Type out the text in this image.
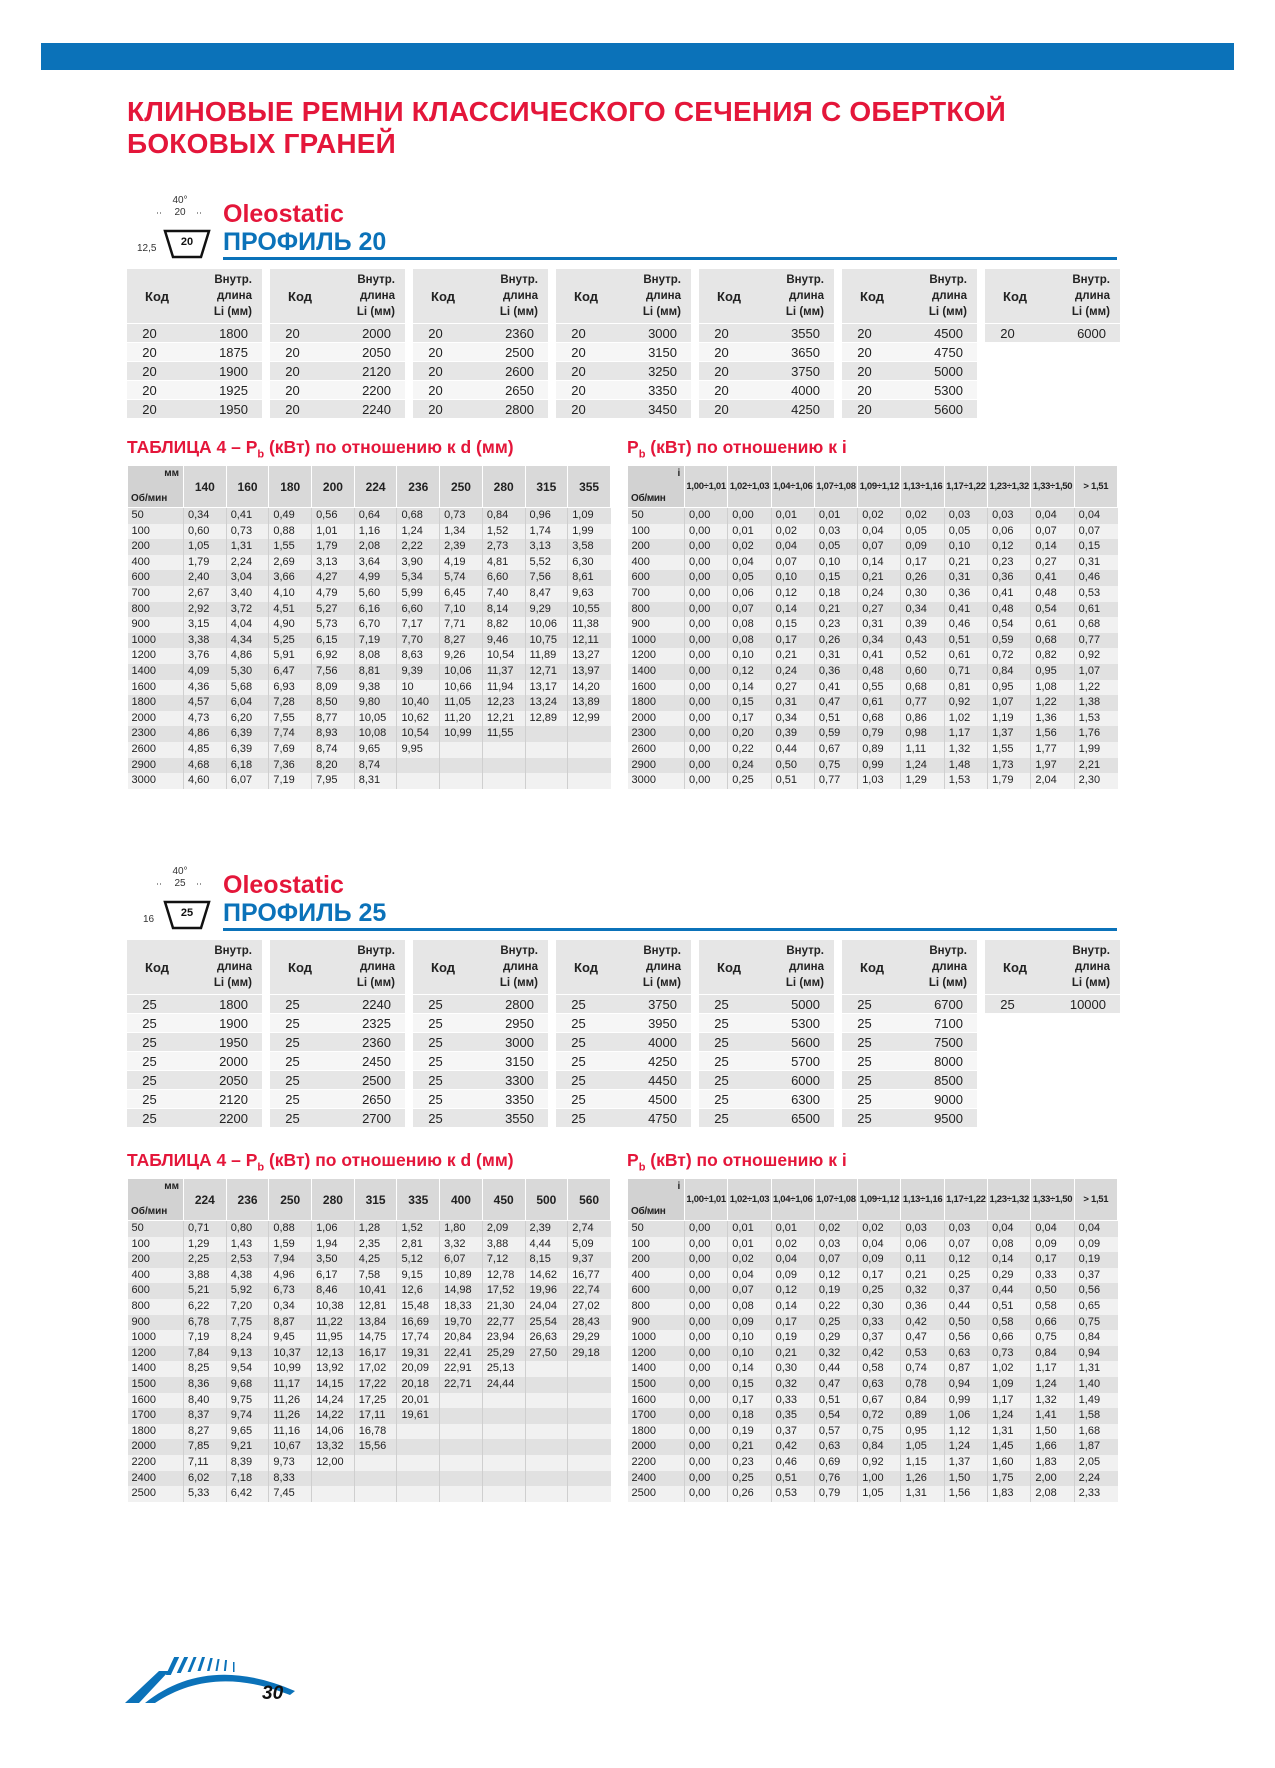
КЛИНОВЫЕ РЕМНИ КЛАССИЧЕСКОГО СЕЧЕНИЯ С ОБЕРТКОЙ
БОКОВЫХ ГРАНЕЙ
40°
20
20
12,5
Oleostatic
ПРОФИЛЬ 20
Код
Внутр.
длина
Li (мм)
20	1800
20	1875
20	1900
20	1925
20	1950
Код
Внутр.
длина
Li (мм)
20	2000
20	2050
20	2120
20	2200
20	2240
Код
Внутр.
длина
Li (мм)
20	2360
20	2500
20	2600
20	2650
20	2800
Код
Внутр.
длина
Li (мм)
20	3000
20	3150
20	3250
20	3350
20	3450
Код
Внутр.
длина
Li (мм)
20	3550
20	3650
20	3750
20	4000
20	4250
Код
Внутр.
длина
Li (мм)
20	4500
20	4750
20	5000
20	5300
20	5600
Код
Внутр.
длина
Li (мм)
20	6000
ТАБЛИЦА $4 - P_b$ (кВт) по отношению к d (мм)	$P_b$ (кВт) по отношению к i
мм
Об/мин	140	160	180	200	224	236	250	280	315	355
50	0,34	0,41	0,49	0,56	0,64	0,68	0,73	0,84	0,96	1,09
100	0,60	0,73	0,88	1,01	1,16	1,24	1,34	1,52	1,74	1,99
200	1,05	1,31	1,55	1,79	2,08	2,22	2,39	2,73	3,13	3,58
400	1,79	2,24	2,69	3,13	3,64	3,90	4,19	4,81	5,52	6,30
600	2,40	3,04	3,66	4,27	4,99	5,34	5,74	6,60	7,56	8,61
700	2,67	3,40	4,10	4,79	5,60	5,99	6,45	7,40	8,47	9,63
800	2,92	3,72	4,51	5,27	6,16	6,60	7,10	8,14	9,29	10,55
900	3,15	4,04	4,90	5,73	6,70	7,17	7,71	8,82	10,06	11,38
1000	3,38	4,34	5,25	6,15	7,19	7,70	8,27	9,46	10,75	12,11
1200	3,76	4,86	5,91	6,92	8,08	8,63	9,26	10,54	11,89	13,27
1400	4,09	5,30	6,47	7,56	8,81	9,39	10,06	11,37	12,71	13,97
1600	4,36	5,68	6,93	8,09	9,38	10	10,66	11,94	13,17	14,20
1800	4,57	6,04	7,28	8,50	9,80	10,40	11,05	12,23	13,24	13,89
2000	4,73	6,20	7,55	8,77	10,05	10,62	11,20	12,21	12,89	12,99
2300	4,86	6,39	7,74	8,93	10,08	10,54	10,99	11,55		
2600	4,85	6,39	7,69	8,74	9,65	9,95				
2900	4,68	6,18	7,36	8,20	8,74					
3000	4,60	6,07	7,19	7,95	8,31					
i
Об/мин	1,00÷1,01	1,02÷1,03	1,04÷1,06	1,07÷1,08	1,09÷1,12	1,13÷1,16	1,17÷1,22	1,23÷1,32	1,33÷1,50	> 1,51
50	0,00	0,00	0,01	0,01	0,02	0,02	0,03	0,03	0,04	0,04
100	0,00	0,01	0,02	0,03	0,04	0,05	0,05	0,06	0,07	0,07
200	0,00	0,02	0,04	0,05	0,07	0,09	0,10	0,12	0,14	0,15
400	0,00	0,04	0,07	0,10	0,14	0,17	0,21	0,23	0,27	0,31
600	0,00	0,05	0,10	0,15	0,21	0,26	0,31	0,36	0,41	0,46
700	0,00	0,06	0,12	0,18	0,24	0,30	0,36	0,41	0,48	0,53
800	0,00	0,07	0,14	0,21	0,27	0,34	0,41	0,48	0,54	0,61
900	0,00	0,08	0,15	0,23	0,31	0,39	0,46	0,54	0,61	0,68
1000	0,00	0,08	0,17	0,26	0,34	0,43	0,51	0,59	0,68	0,77
1200	0,00	0,10	0,21	0,31	0,41	0,52	0,61	0,72	0,82	0,92
1400	0,00	0,12	0,24	0,36	0,48	0,60	0,71	0,84	0,95	1,07
1600	0,00	0,14	0,27	0,41	0,55	0,68	0,81	0,95	1,08	1,22
1800	0,00	0,15	0,31	0,47	0,61	0,77	0,92	1,07	1,22	1,38
2000	0,00	0,17	0,34	0,51	0,68	0,86	1,02	1,19	1,36	1,53
2300	0,00	0,20	0,39	0,59	0,79	0,98	1,17	1,37	1,56	1,76
2600	0,00	0,22	0,44	0,67	0,89	1,11	1,32	1,55	1,77	1,99
2900	0,00	0,24	0,50	0,75	0,99	1,24	1,48	1,73	1,97	2,21
3000	0,00	0,25	0,51	0,77	1,03	1,29	1,53	1,79	2,04	2,30
40°
25
25
16
Oleostatic
ПРОФИЛЬ 25
Код
Внутр.
длина
Li (мм)
25	1800
25	1900
25	1950
25	2000
25	2050
25	2120
25	2200
Код
Внутр.
длина
Li (мм)
25	2240
25	2325
25	2360
25	2450
25	2500
25	2650
25	2700
Код
Внутр.
длина
Li (мм)
25	2800
25	2950
25	3000
25	3150
25	3300
25	3350
25	3550
Код
Внутр.
длина
Li (мм)
25	3750
25	3950
25	4000
25	4250
25	4450
25	4500
25	4750
Код
Внутр.
длина
Li (мм)
25	5000
25	5300
25	5600
25	5700
25	6000
25	6300
25	6500
Код
Внутр.
длина
Li (мм)
25	6700
25	7100
25	7500
25	8000
25	8500
25	9000
25	9500
Код
Внутр.
длина
Li (мм)
25	10000
ТАБЛИЦА $4 - P_b$ (кВт) по отношению к d (мм)	$P_b$ (кВт) по отношению к i
мм
Об/мин	224	236	250	280	315	335	400	450	500	560
50	0,71	0,80	0,88	1,06	1,28	1,52	1,80	2,09	2,39	2,74
100	1,29	1,43	1,59	1,94	2,35	2,81	3,32	3,88	4,44	5,09
200	2,25	2,53	7,94	3,50	4,25	5,12	6,07	7,12	8,15	9,37
400	3,88	4,38	4,96	6,17	7,58	9,15	10,89	12,78	14,62	16,77
600	5,21	5,92	6,73	8,46	10,41	12,6	14,98	17,52	19,96	22,74
800	6,22	7,20	0,34	10,38	12,81	15,48	18,33	21,30	24,04	27,02
900	6,78	7,75	8,87	11,22	13,84	16,69	19,70	22,77	25,54	28,43
1000	7,19	8,24	9,45	11,95	14,75	17,74	20,84	23,94	26,63	29,29
1200	7,84	9,13	10,37	12,13	16,17	19,31	22,41	25,29	27,50	29,18
1400	8,25	9,54	10,99	13,92	17,02	20,09	22,91	25,13		
1500	8,36	9,68	11,17	14,15	17,22	20,18	22,71	24,44		
1600	8,40	9,75	11,26	14,24	17,25	20,01				
1700	8,37	9,74	11,26	14,22	17,11	19,61				
1800	8,27	9,65	11,16	14,06	16,78					
2000	7,85	9,21	10,67	13,32	15,56					
2200	7,11	8,39	9,73	12,00						
2400	6,02	7,18	8,33							
2500	5,33	6,42	7,45							
i
Об/мин	1,00÷1,01	1,02÷1,03	1,04÷1,06	1,07÷1,08	1,09÷1,12	1,13÷1,16	1,17÷1,22	1,23÷1,32	1,33÷1,50	> 1,51
50	0,00	0,01	0,01	0,02	0,02	0,03	0,03	0,04	0,04	0,04
100	0,00	0,01	0,02	0,03	0,04	0,06	0,07	0,08	0,09	0,09
200	0,00	0,02	0,04	0,07	0,09	0,11	0,12	0,14	0,17	0,19
400	0,00	0,04	0,09	0,12	0,17	0,21	0,25	0,29	0,33	0,37
600	0,00	0,07	0,12	0,19	0,25	0,32	0,37	0,44	0,50	0,56
800	0,00	0,08	0,14	0,22	0,30	0,36	0,44	0,51	0,58	0,65
900	0,00	0,09	0,17	0,25	0,33	0,42	0,50	0,58	0,66	0,75
1000	0,00	0,10	0,19	0,29	0,37	0,47	0,56	0,66	0,75	0,84
1200	0,00	0,10	0,21	0,32	0,42	0,53	0,63	0,73	0,84	0,94
1400	0,00	0,14	0,30	0,44	0,58	0,74	0,87	1,02	1,17	1,31
1500	0,00	0,15	0,32	0,47	0,63	0,78	0,94	1,09	1,24	1,40
1600	0,00	0,17	0,33	0,51	0,67	0,84	0,99	1,17	1,32	1,49
1700	0,00	0,18	0,35	0,54	0,72	0,89	1,06	1,24	1,41	1,58
1800	0,00	0,19	0,37	0,57	0,75	0,95	1,12	1,31	1,50	1,68
2000	0,00	0,21	0,42	0,63	0,84	1,05	1,24	1,45	1,66	1,87
2200	0,00	0,23	0,46	0,69	0,92	1,15	1,37	1,60	1,83	2,05
2400	0,00	0,25	0,51	0,76	1,00	1,26	1,50	1,75	2,00	2,24
2500	0,00	0,26	0,53	0,79	1,05	1,31	1,56	1,83	2,08	2,33
30
